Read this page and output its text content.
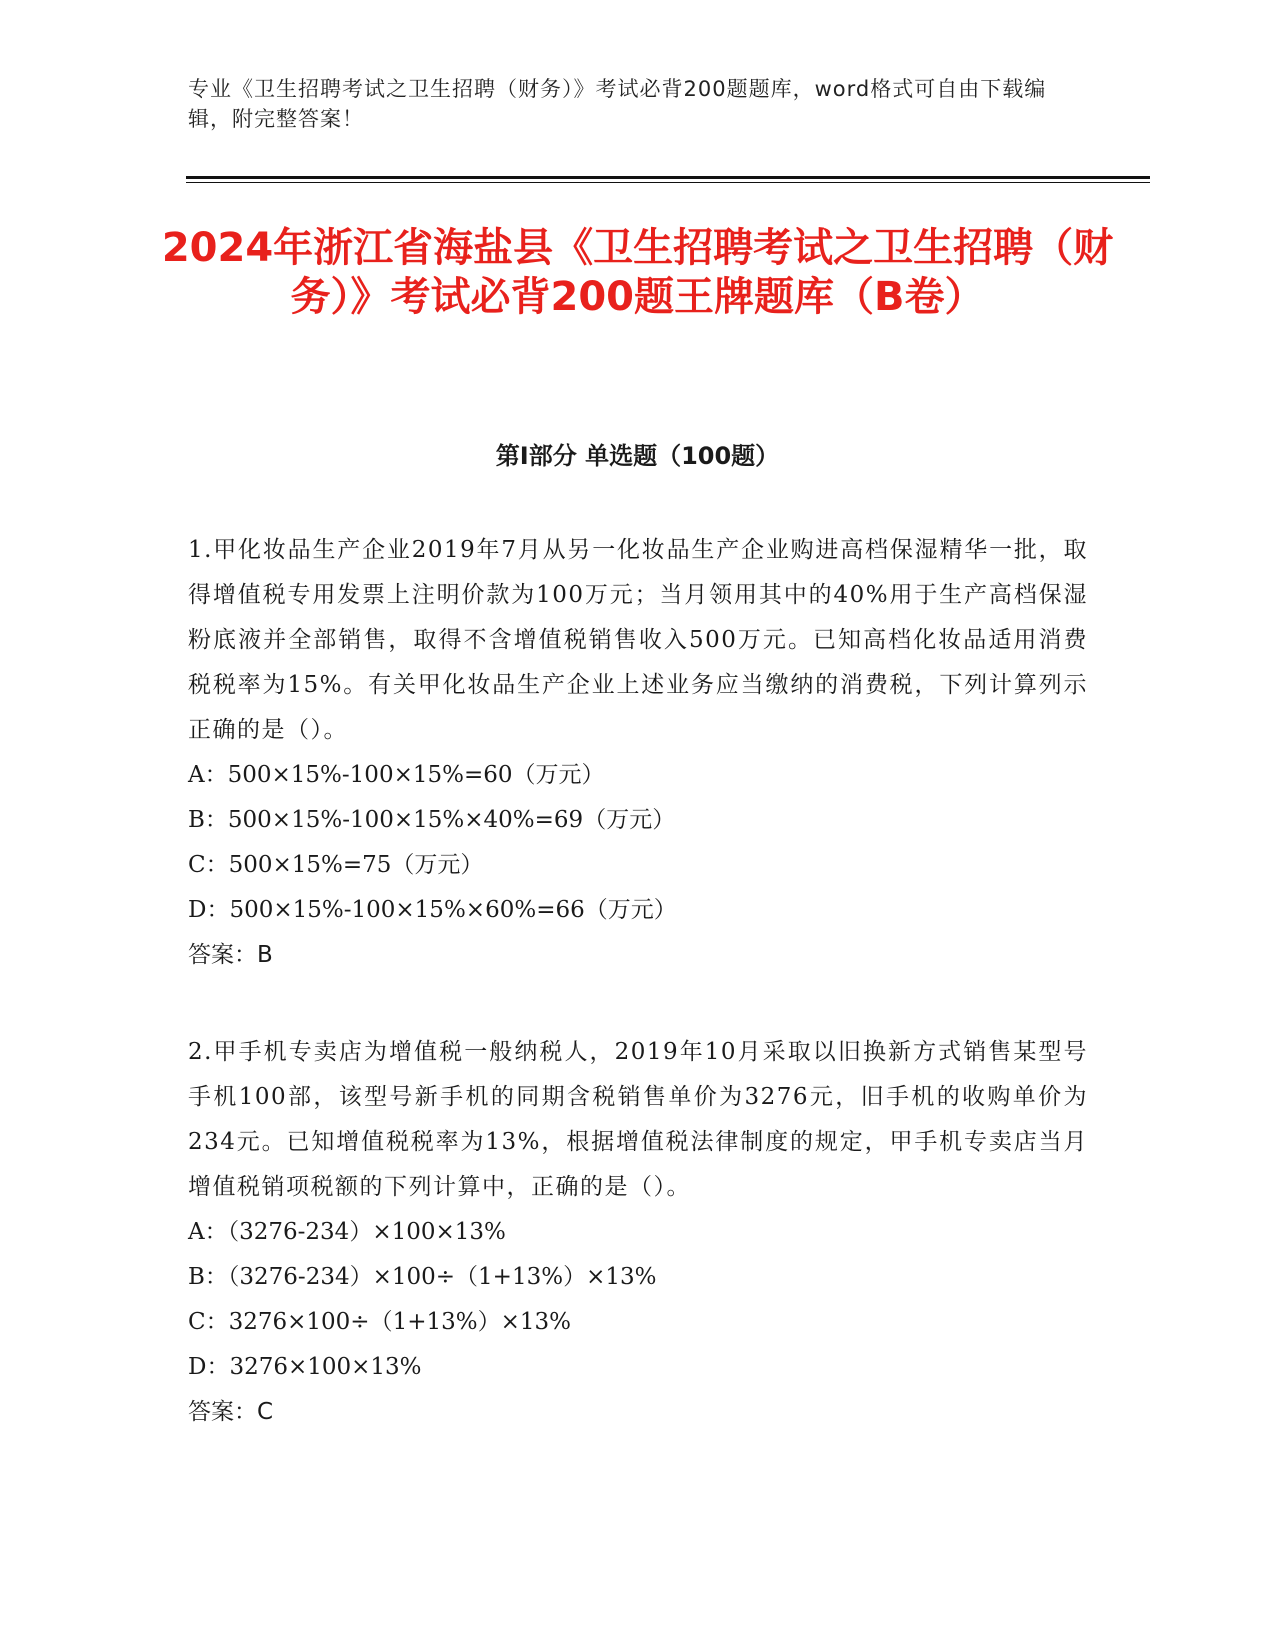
专业《卫生招聘考试之卫生招聘（财务）》考试必背200题题库，word格式可自由下载编辑，附完整答案！
2024年浙江省海盐县《卫生招聘考试之卫生招聘（财务）》考试必背200题王牌题库（B卷）
第I部分 单选题（100题）
1.甲化妆品生产企业2019年7月从另一化妆品生产企业购进高档保湿精华一批，取得增值税专用发票上注明价款为100万元；当月领用其中的40%用于生产高档保湿粉底液并全部销售，取得不含增值税销售收入500万元。已知高档化妆品适用消费税税率为15%。有关甲化妆品生产企业上述业务应当缴纳的消费税，下列计算列示正确的是（）。
A：500×15%-100×15%=60（万元）
B：500×15%-100×15%×40%=69（万元）
C：500×15%=75（万元）
D：500×15%-100×15%×60%=66（万元）
答案：B
2.甲手机专卖店为增值税一般纳税人，2019年10月采取以旧换新方式销售某型号手机100部，该型号新手机的同期含税销售单价为3276元，旧手机的收购单价为234元。已知增值税税率为13%，根据增值税法律制度的规定，甲手机专卖店当月增值税销项税额的下列计算中，正确的是（）。
A：（3276-234）×100×13%
B：（3276-234）×100÷（1+13%）×13%
C：3276×100÷（1+13%）×13%
D：3276×100×13%
答案：C
